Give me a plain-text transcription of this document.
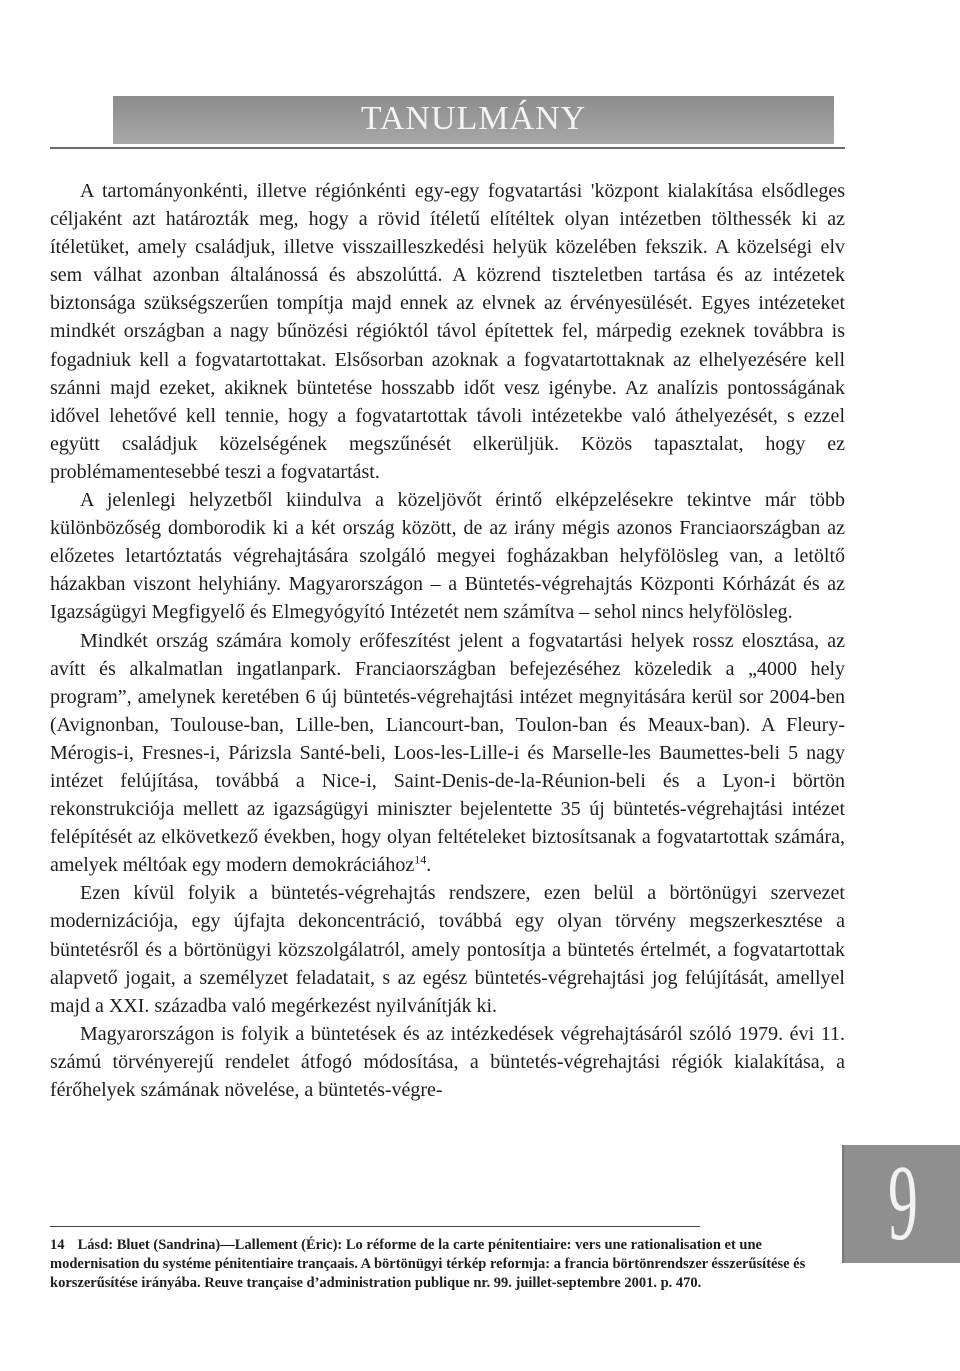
TANULMÁNY

A tartományonkénti, illetve régiónkénti egy-egy fogvatartási 'központ kialakítása elsődleges céljaként azt határozták meg, hogy a rövid ítéletű elítéltek olyan intézetben tölthessék ki az ítéletüket, amely családjuk, illetve visszailleszkedési helyük közelében fekszik. A közelségi elv sem válhat azonban általánossá és abszolúttá. A közrend tiszteletben tartása és az intézetek biztonsága szükségszerűen tompítja majd ennek az elvnek az érvényesülését. Egyes intézeteket mindkét országban a nagy bűnözési régióktól távol építettek fel, márpedig ezeknek továbbra is fogadniuk kell a fogvatartottakat. Elsősorban azoknak a fogvatartottaknak az elhelyezésére kell szánni majd ezeket, akiknek büntetése hosszabb időt vesz igénybe. Az analízis pontosságának idővel lehetővé kell tennie, hogy a fogvatartottak távoli intézetekbe való áthelyezését, s ezzel együtt családjuk közelségének megszűnését elkerüljük. Közös tapasztalat, hogy ez problémamentesebbé teszi a fogvatartást.

A jelenlegi helyzetből kiindulva a közeljövőt érintő elképzelésekre tekintve már több különbözőség domborodik ki a két ország között, de az irány mégis azonos Franciaországban az előzetes letartóztatás végrehajtására szolgáló megyei fogházakban helyfölösleg van, a letöltő házakban viszont helyhiány. Magyarországon – a Büntetés-végrehajtás Központi Kórházát és az Igazságügyi Megfigyelő és Elmegyógyító Intézetét nem számítva – sehol nincs helyfölösleg.

Mindkét ország számára komoly erőfeszítést jelent a fogvatartási helyek rossz elosztása, az avítt és alkalmatlan ingatlanpark. Franciaországban befejezéséhez közeledik a „4000 hely program”, amelynek keretében 6 új büntetés-végrehajtási intézet megnyitására kerül sor 2004-ben (Avignonban, Toulouse-ban, Lille-ben, Liancourt-ban, Toulon-ban és Meaux-ban). A Fleury-Mérogis-i, Fresnes-i, Párizsla Santé-beli, Loos-les-Lille-i és Marselle-les Baumettes-beli 5 nagy intézet felújítása, továbbá a Nice-i, Saint-Denis-de-la-Réunion-beli és a Lyon-i börtön rekonstrukciója mellett az igazságügyi miniszter bejelentette 35 új büntetés-végrehajtási intézet felépítését az elkövetkező években, hogy olyan feltételeket biztosítsanak a fogvatartottak számára, amelyek méltóak egy modern demokráciához$^{14}$.

Ezen kívül folyik a büntetés-végrehajtás rendszere, ezen belül a börtönügyi szervezet modernizációja, egy újfajta dekoncentráció, továbbá egy olyan törvény megszerkesztése a büntetésről és a börtönügyi közszolgálatról, amely pontosítja a büntetés értelmét, a fogvatartottak alapvető jogait, a személyzet feladatait, s az egész büntetés-végrehajtási jog felújítását, amellyel majd a XXI. századba való megérkezést nyilvánítják ki.

Magyarországon is folyik a büntetések és az intézkedések végrehajtásáról szóló 1979. évi 11. számú törvényerejű rendelet átfogó módosítása, a büntetés-végrehajtási régiók kialakítása, a férőhelyek számának növelése, a büntetés-végre-

14 Lásd: Bluet (Sandrina)—Lallement (Éric): Lo réforme de la carte pénitentiaire: vers une rationalisation et une modernisation du systéme pénitentiaire trançaais. A börtönügyi térkép reformja: a francia börtönrendszer ésszerűsítése és korszerűsítése irányába. Reuve trançaise d’administration publique nr. 99. juillet-septembre 2001. p. 470.
9
